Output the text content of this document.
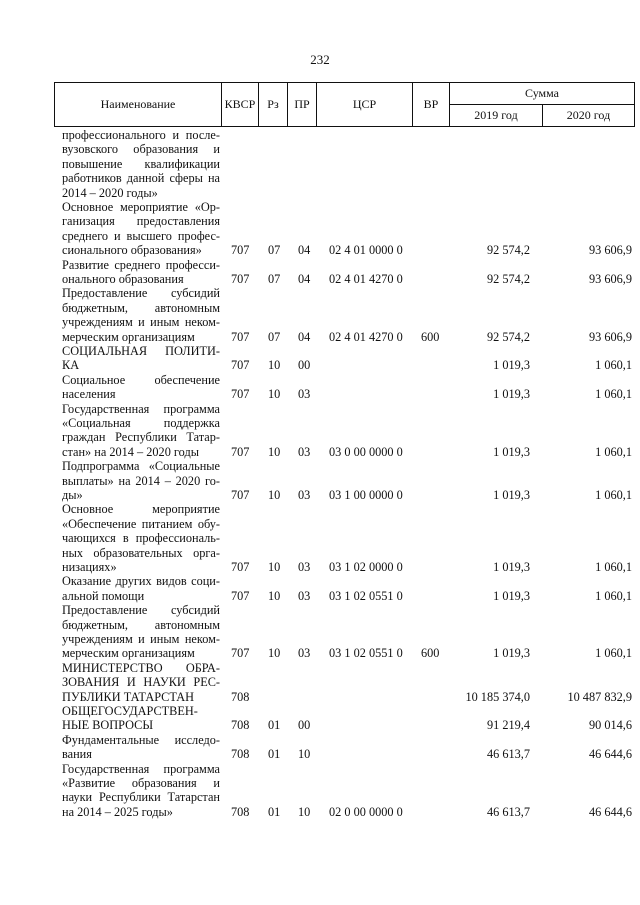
232
Наименование	КВСР Рз	ПР	ЦСР	ВР
Сумма
2019 год	2020 год
профессионального и после-
вузовского образования и
повышение квалификации
работников данной сферы на
2014 – 2020 годы»
Основное мероприятие «Ор-
ганизация предоставления
среднего и высшего профес-
сионального образования»	707 07 04 02 4 01 0000 0	92 574,2	93 606,9
Развитие среднего професси-
онального образования	707 07 04 02 4 01 4270 0	92 574,2	93 606,9
Предоставление субсидий
бюджетным, автономным
учреждениям и иным неком-
мерческим организациям	707 07 04 02 4 01 4270 0 600	92 574,2	93 606,9
СОЦИАЛЬНАЯ ПОЛИТИ-
КА	707 10 00	1 019,3	1 060,1
Социальное обеспечение
населения	707 10 03	1 019,3	1 060,1
Государственная программа
«Социальная поддержка
граждан Республики Татар-
стан» на 2014 – 2020 годы	707 10 03 03 0 00 0000 0	1 019,3	1 060,1
Подпрограмма «Социальные
выплаты» на 2014 – 2020 го-
ды»	707 10 03 03 1 00 0000 0	1 019,3	1 060,1
Основное мероприятие
«Обеспечение питанием обу-
чающихся в профессиональ-
ных образовательных орга-
низациях»	707 10 03 03 1 02 0000 0	1 019,3	1 060,1
Оказание других видов соци-
альной помощи	707 10 03 03 1 02 0551 0	1 019,3	1 060,1
Предоставление субсидий
бюджетным, автономным
учреждениям и иным неком-
мерческим организациям	707 10 03 03 1 02 0551 0 600	1 019,3	1 060,1
МИНИСТЕРСТВО ОБРА-
ЗОВАНИЯ И НАУКИ РЕС-
ПУБЛИКИ ТАТАРСТАН	708	10 185 374,0	10 487 832,9
ОБЩЕГОСУДАРСТВЕН-
НЫЕ ВОПРОСЫ	708 01 00	91 219,4	90 014,6
Фундаментальные исследо-
вания	708 01 10	46 613,7	46 644,6
Государственная программа
«Развитие образования и
науки Республики Татарстан
на 2014 – 2025 годы»	708 01 10 02 0 00 0000 0	46 613,7	46 644,6
